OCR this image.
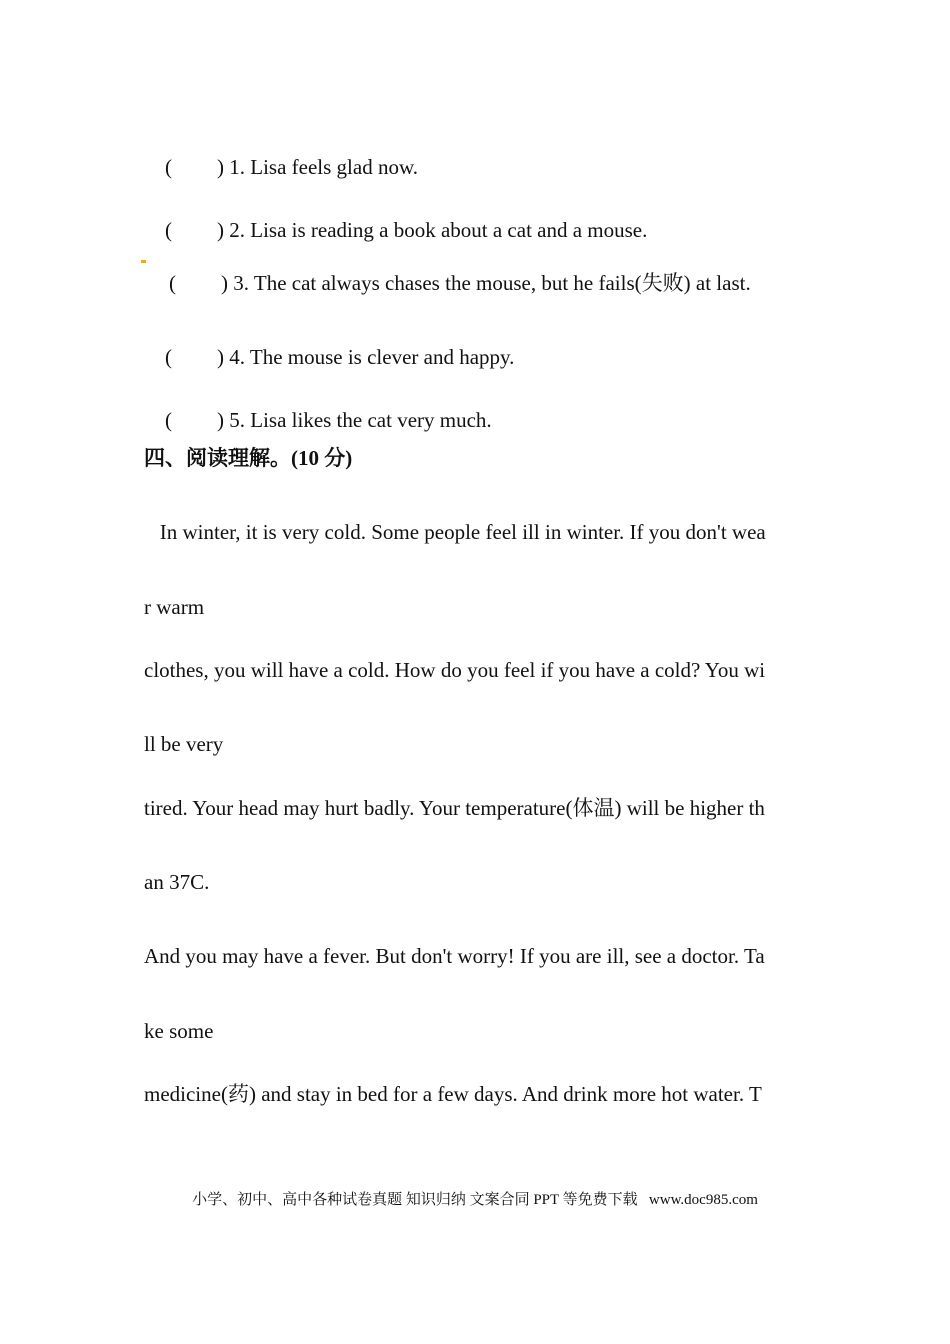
( ) 1. Lisa feels glad now.

( ) 2. Lisa is reading a book about a cat and a mouse.

( ) 3. The cat always chases the mouse, but he fails(失败) at last.

( ) 4. The mouse is clever and happy.

( ) 5. Lisa likes the cat very much.

四、阅读理解。(10 分)
In winter, it is very cold. Some people feel ill in winter. If you don't wea
r warm
clothes, you will have a cold. How do you feel if you have a cold? You wi
ll be very
tired. Your head may hurt badly. Your temperature(体温) will be higher th
an 37C.
And you may have a fever. But don't worry! If you are ill, see a doctor. Ta
ke some
medicine(药) and stay in bed for a few days. And drink more hot water. T
小学、初中、高中各种试卷真题 知识归纳 文案合同 PPT 等免费下载   www.doc985.com
